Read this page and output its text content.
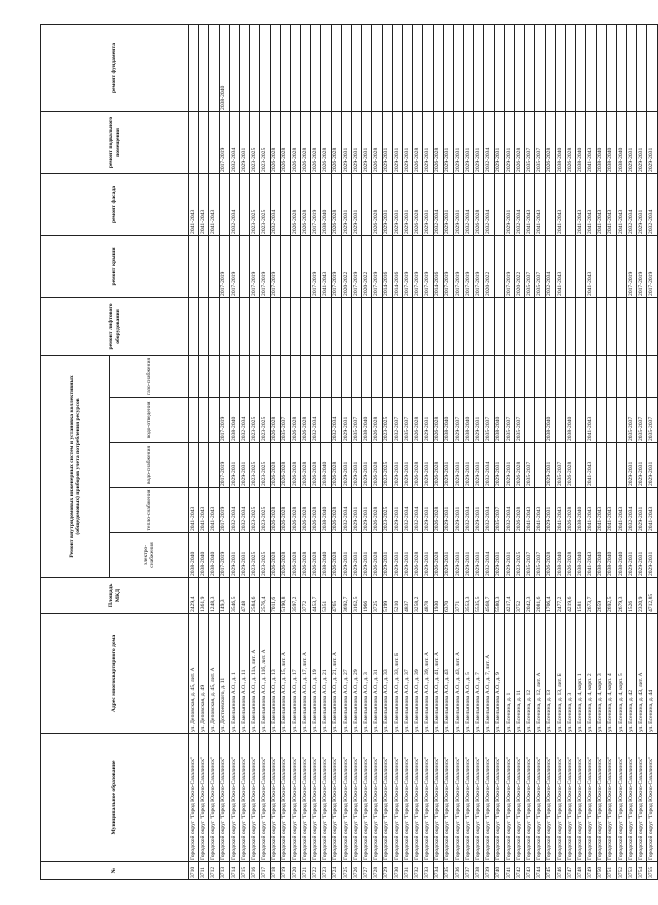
№	Муниципальное образование	Адрес многоквартирного дома	Площадь МКД	Ремонт внутридомовых инженерных систем и установка коллективных (общедомовых) приборов учета потребления ресурсов					ремонт лифтового оборудования	ремонт крыши	ремонт фасада	ремонт подвального помещения	ремонт фундамента
				электро-снабжения	тепло-снабжения	водо-снабжения	водо-отведения	газо-снабжения					
3710	Городской округ "Город Южно-Сахалинск"	ул. Деповская, д. 45, лит. А	2429,4	2038-2040	2041-2043						2041-2043		
3711	Городской округ "Город Южно-Сахалинск"	ул. Деповская, д. 49	1361,9	2038-2040	2041-2043						2041-2043		
3712	Городской округ "Город Южно-Сахалинск"	ул. Деповская, д. 45, лит. А	1248,3	2038-2040	2041-2043						2041-2043		
3713	Городской округ "Город Южно-Сахалинск"	ул. Достоевского, д. 11	149,3	2017-2019	2017-2019	2017-2019	2017-2019			2017-2019		2017-2019	2038-2040
3714	Городской округ "Город Южно-Сахалинск"	ул. Емельянова А.О., д. 1	3546,5	2029-2031	2032-2034	2029-2031	2038-2040			2017-2019	2032-2034	2032-2034	
3715	Городской округ "Город Южно-Сахалинск"	ул. Емельянова А.О., д. 11	4748	2029-2031	2032-2034	2029-2031	2032-2034					2029-2031	
3716	Городской округ "Город Южно-Сахалинск"	ул. Емельянова А.О., д. 11а, лит. А	2584,6	2023-2025	2023-2025	2023-2025	2023-2025			2017-2019	2023-2025	2023-2025	
3717	Городской округ "Город Южно-Сахалинск"	ул. Емельянова А.О., д. 11б, лит. А	2576,4	2023-2025	2023-2025	2023-2025	2023-2025			2017-2019	2023-2025	2023-2025	
3718	Городской округ "Город Южно-Сахалинск"	ул. Емельянова А.О., д. 13	7011,6	2026-2028	2026-2028	2026-2028	2026-2028			2017-2019	2032-2034	2026-2028	
3719	Городской округ "Город Южно-Сахалинск"	ул. Емельянова А.О., д. 15, лит. А	5190,8	2026-2028	2026-2028	2026-2028	2035-2037					2026-2028	
3720	Городской округ "Город Южно-Сахалинск"	ул. Емельянова А.О., д. 17	3597,2	2026-2028	2026-2028	2026-2028	2026-2028				2026-2028	2026-2028	
3721	Городской округ "Город Южно-Сахалинск"	ул. Емельянова А.О., д. 17, лит. А	3772	2026-2028	2026-2028	2026-2028	2026-2028				2026-2028	2026-2028	
3722	Городской округ "Город Южно-Сахалинск"	ул. Емельянова А.О., д. 19	4453,7	2026-2028	2026-2028	2026-2028	2032-2034			2017-2019	2017-2019	2026-2028	
3723	Городской округ "Город Южно-Сахалинск"	ул. Емельянова А.О., д. 21	5351	2038-2040	2038-2040	2038-2040				2041-2043	2038-2040	2026-2028	
3724	Городской округ "Город Южно-Сахалинск"	ул. Емельянова А.О., д. 21, лит. А	4765	2026-2028	2026-2028	2026-2028	2032-2034			2017-2019	2026-2028	2026-2028	
3725	Городской округ "Город Южно-Сахалинск"	ул. Емельянова А.О., д. 27	3692,7	2029-2031	2032-2034	2029-2031	2029-2031			2020-2022	2029-2031	2029-2031	
3726	Городской округ "Город Южно-Сахалинск"	ул. Емельянова А.О., д. 29	3162,5	2029-2031	2029-2031	2029-2031	2035-2037			2017-2019	2029-2031	2029-2031	
3727	Городской округ "Город Южно-Сахалинск"	ул. Емельянова А.О., д. 3	1966	2029-2031	2029-2031	2029-2031	2038-2040			2020-2022		2029-2031	
3728	Городской округ "Город Южно-Сахалинск"	ул. Емельянова А.О., д. 31	3725	2026-2028	2026-2028	2026-2028	2026-2028			2017-2019	2026-2028	2026-2028	
3729	Городской округ "Город Южно-Сахалинск"	ул. Емельянова А.О., д. 33	5199	2029-2031	2023-2025	2023-2025	2023-2025			2014-2016	2029-2031	2029-2031	
3730	Городской округ "Город Южно-Сахалинск"	ул. Емельянова А.О., д. 33, лит. Б	5210	2029-2031	2029-2031	2029-2031	2032-2037			2014-2016	2029-2031	2029-2031	
3731	Городской округ "Город Южно-Сахалинск"	ул. Емельянова А.О., д. 37	4837	2029-2031	2032-2034	2029-2031	2035-2037			2017-2019	2029-2031	2029-2031	
3732	Городской округ "Город Южно-Сахалинск"	ул. Емельянова А.О., д. 39	3258,2	2026-2028	2032-2034	2026-2028	2026-2028			2017-2019	2026-2028	2026-2028	
3733	Городской округ "Город Южно-Сахалинск"	ул. Емельянова А.О., д. 39, лит. А	4878	2029-2031	2029-2031	2029-2031	2029-2031			2017-2019	2029-2031	2029-2031	
3734	Городской округ "Город Южно-Сахалинск"	ул. Емельянова А.О., д. 41, лит. А	1930	2026-2028	2026-2028	2026-2028	2026-2028			2014-2016	2032-2034	2026-2028	
3735	Городской округ "Город Южно-Сахалинск"	ул. Емельянова А.О., д. 43	6370	2029-2031	2029-2031	2029-2031	2038-2040			2017-2019	2029-2031	2029-2031	
3736	Городской округ "Город Южно-Сахалинск"	ул. Емельянова А.О., д. 43, лит. А	3771	2029-2031	2029-2031	2029-2031	2029-2037			2017-2019	2029-2031	2029-2031	
3737	Городской округ "Город Южно-Сахалинск"	ул. Емельянова А.О., д. 5	3553,3	2029-2031	2032-2034	2029-2031	2038-2040			2017-2019	2032-2034	2029-2031	
3738	Городской округ "Город Южно-Сахалинск"	ул. Емельянова А.О., д. 7	5535,5	2029-2031	2029-2031	2029-2031	2029-2031			2017-2019	2026-2028	2029-2031	
3739	Городской округ "Город Южно-Сахалинск"	ул. Емельянова А.О., д. 7, лит. А	4568,7	2032-2034	2032-2034	2032-2034	2035-2037			2020-2022	2032-2034	2032-2034	
3740	Городской округ "Город Южно-Сахалинск"	ул. Емельянова А.О., д. 9	5580,3	2029-2031	2035-2037	2029-2031	2038-2040					2029-2031	
3741	Городской округ "Город Южно-Сахалинск"	ул. Есенина, д. 1	4217,4	2029-2031	2032-2034	2029-2031	2035-2037			2017-2019	2029-2031	2029-2031	
3742	Городской округ "Город Южно-Сахалинск"	ул. Есенина, д. 11	3752	2023-2025	2026-2028	2026-2028	2035-2037			2020-2022	2032-2034	2026-2028	
3743	Городской округ "Город Южно-Сахалинск"	ул. Есенина, д. 12	2042,3	2035-2037	2041-2043	2035-2037				2035-2037	2041-2043	2035-2037	
3744	Городской округ "Город Южно-Сахалинск"	ул. Есенина, д. 12, лит. А	2081,6	2035-2037	2041-2043					2035-2037	2041-2043	2035-2037	
3745	Городской округ "Город Южно-Сахалинск"	ул. Есенина, д. 13	1706,4	2026-2028	2029-2031	2029-2031	2038-2040			2032-2034		2026-2028	
3746	Городской округ "Город Южно-Сахалинск"	ул. Есенина, д. 13, лит. Б	2477,2	2038-2040	2041-2043	2035-2037				2041-2043	2041-2043	2038-2040	
3747	Городской округ "Город Южно-Сахалинск"	ул. Есенина, д. 3	4219,6	2026-2028	2026-2028	2026-2028	2038-2040					2026-2028	
3748	Городской округ "Город Южно-Сахалинск"	ул. Есенина, д. 4, корп. 1	1581	2038-2040	2038-2040						2041-2043	2038-2040	
3749	Городской округ "Город Южно-Сахалинск"	ул. Есенина, д. 4, корп. 2	2673,7	2041-2043	2041-2043	2041-2043	2041-2043			2041-2043	2041-2043	2041-2043	
3750	Городской округ "Город Южно-Сахалинск"	ул. Есенина, д. 4, корп. 3	2659	2038-2040	2041-2043						2041-2043	2038-2040	
3751	Городской округ "Город Южно-Сахалинск"	ул. Есенина, д. 4, корп. 4	2692,5	2038-2040	2041-2043						2041-2043	2038-2040	
3752	Городской округ "Город Южно-Сахалинск"	ул. Есенина, д. 4, корп. 5	2679,3	2038-2040	2041-2043						2041-2043	2038-2040	
3753	Городской округ "Город Южно-Сахалинск"	ул. Есенина, д. 42	1526	2029-2031	2032-2034	2029-2031	2035-2037			2017-2019	2032-2034	2029-2031	
3754	Городской округ "Город Южно-Сахалинск"	ул. Есенина, д. 43, лит. А	2320,9	2029-2031	2029-2031	2029-2031	2035-2037			2017-2019	2029-2031	2029-2031	
3755	Городской округ "Город Южно-Сахалинск"	ул. Есенина, д. 44	4712,85	2029-2031	2041-2043	2029-2031	2035-2037			2017-2019	2032-2034	2029-2031	
